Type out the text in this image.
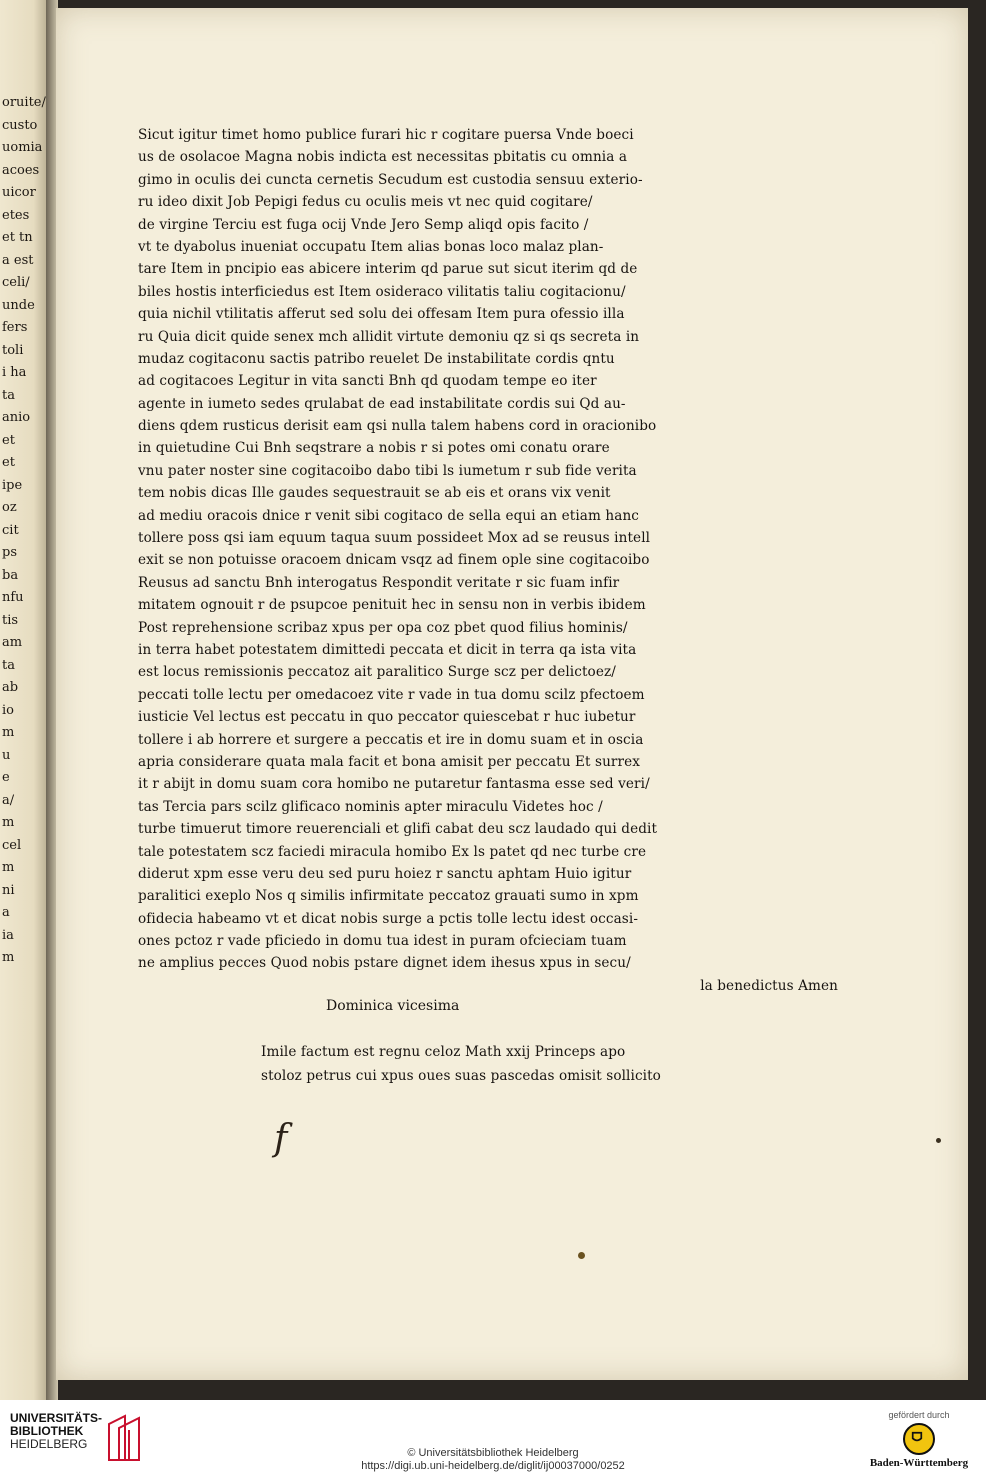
oruite/
custo
uomia
acoes
uicor
etes
et tn
a est
celi/
unde
fers
toli
i ha
ta
anio
et
et
ipe
oz
cit
ps
ba
nfu
tis
am
ta
ab
io
m
u
e
a/
m
cel
m
ni
a
ia
m
Sicut igitur timet homo publice furari hic r cogitare puersa Vnde boeci
us de osolacoe Magna nobis indicta est necessitas pbitatis cu omnia a
gimo in oculis dei cuncta cernetis Secudum est custodia sensuu exterio-
ru ideo dixit Job Pepigi fedus cu oculis meis vt nec quid cogitare/
de virgine Terciu est fuga ocij Vnde Jero Semp aliqd opis facito /
vt te dyabolus inueniat occupatu Item alias bonas loco malaz plan-
tare Item in pncipio eas abicere interim qd parue sut sicut iterim qd de
biles hostis interficiedus est Item osideraco vilitatis taliu cogitacionu/
quia nichil vtilitatis afferut sed solu dei offesam Item pura ofessio illa
ru Quia dicit quide senex mch allidit virtute demoniu qz si qs secreta in
mudaz cogitaconu sactis patribo reuelet De instabilitate cordis qntu
ad cogitacoes Legitur in vita sancti Bnh qd quodam tempe eo iter
agente in iumeto sedes qrulabat de ead instabilitate cordis sui Qd au-
diens qdem rusticus derisit eam qsi nulla talem habens cord in oracionibo
in quietudine Cui Bnh seqstrare a nobis r si potes omi conatu orare
vnu pater noster sine cogitacoibo dabo tibi ls iumetum r sub fide verita
tem nobis dicas Ille gaudes sequestrauit se ab eis et orans vix venit
ad mediu oracois dnice r venit sibi cogitaco de sella equi an etiam hanc
tollere poss qsi iam equum taqua suum possideet Mox ad se reusus intell
exit se non potuisse oracoem dnicam vsqz ad finem ople sine cogitacoibo
Reusus ad sanctu Bnh interogatus Respondit veritate r sic fuam infir
mitatem ognouit r de psupcoe penituit hec in sensu non in verbis ibidem
Post reprehensione scribaz xpus per opa coz pbet quod filius hominis/
in terra habet potestatem dimittedi peccata et dicit in terra qa ista vita
est locus remissionis peccatoz ait paralitico Surge scz per delictoez/
peccati tolle lectu per omedacoez vite r vade in tua domu scilz pfectoem
iusticie Vel lectus est peccatu in quo peccator quiescebat r huc iubetur
tollere i ab horrere et surgere a peccatis et ire in domu suam et in oscia
apria considerare quata mala facit et bona amisit per peccatu Et surrex
it r abijt in domu suam cora homibo ne putaretur fantasma esse sed veri/
tas Tercia pars scilz glificaco nominis apter miraculu Videtes hoc /
turbe timuerut timore reuerenciali et glifi cabat deu scz laudado qui dedit
tale potestatem scz faciedi miracula homibo Ex ls patet qd nec turbe cre
diderut xpm esse veru deu sed puru hoiez r sanctu aphtam Huio igitur
paralitici exeplo Nos q similis infirmitate peccatoz grauati sumo in xpm
ofidecia habeamo vt et dicat nobis surge a pctis tolle lectu idest occasi-
ones pctoz r vade pficiedo in domu tua idest in puram ofcieciam tuam
ne amplius pecces Quod nobis pstare dignet idem ihesus xpus in secu/
la benedictus Amen
Dominica vicesima
Imile factum est regnu celoz Math xxij Princeps apo
stoloz petrus cui xpus oues suas pascedas omisit sollicito
f
UNIVERSITÄTS-
BIBLIOTHEK
HEIDELBERG
© Universitätsbibliothek Heidelberg
https://digi.ub.uni-heidelberg.de/diglit/ij00037000/0252
gefördert durch
Baden-Württemberg
